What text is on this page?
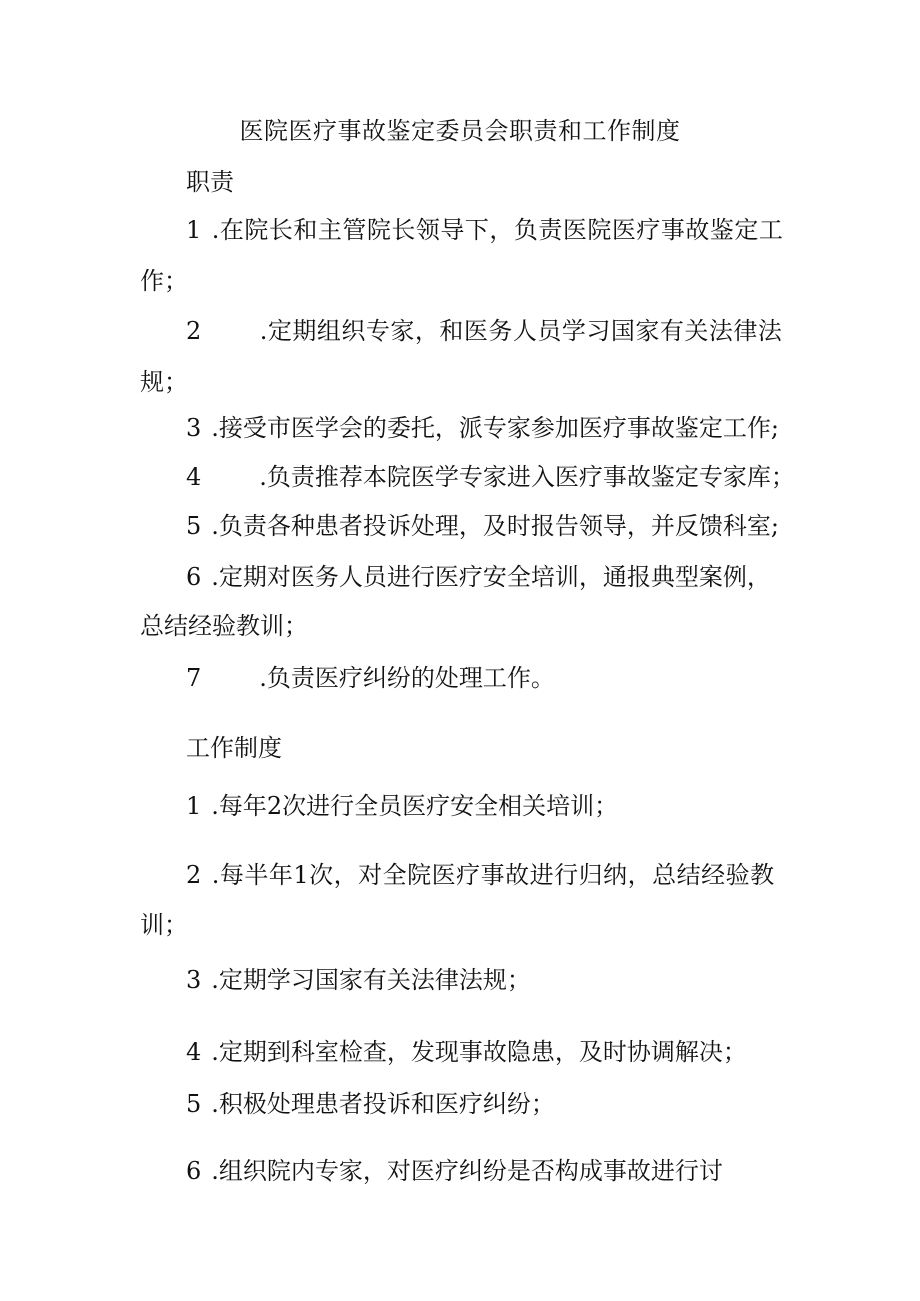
医院医疗事故鉴定委员会职责和工作制度
职责
1 .在院长和主管院长领导下，负责医院医疗事故鉴定工
作；
2 .定期组织专家，和医务人员学习国家有关法律法
规；
3 .接受市医学会的委托，派专家参加医疗事故鉴定工作;
4 .负责推荐本院医学专家进入医疗事故鉴定专家库；
5 .负责各种患者投诉处理，及时报告领导，并反馈科室;
6 .定期对医务人员进行医疗安全培训，通报典型案例，
总结经验教训；
7 .负责医疗纠纷的处理工作。
工作制度
1 .每年2次进行全员医疗安全相关培训；
2 .每半年1次，对全院医疗事故进行归纳，总结经验教
训；
3 .定期学习国家有关法律法规；
4 .定期到科室检查，发现事故隐患，及时协调解决；
5 .积极处理患者投诉和医疗纠纷；
6 .组织院内专家，对医疗纠纷是否构成事故进行讨
